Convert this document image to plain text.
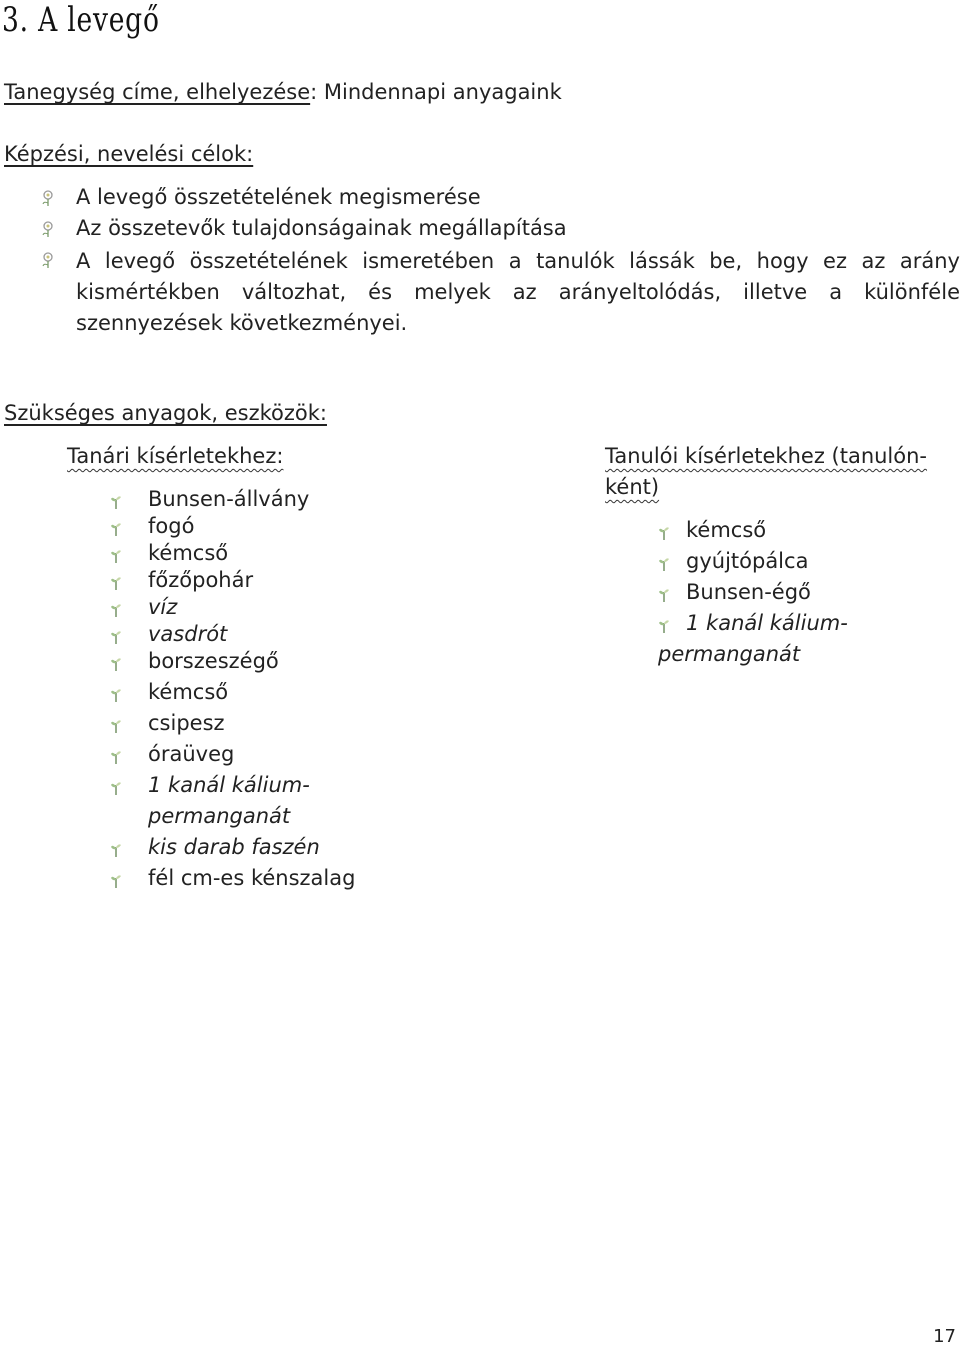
3. A levegő
Tanegység címe, elhelyezése: Mindennapi anyagaink
Képzési, nevelési célok:
A levegő összetételének megismerése
Az összetevők tulajdonságainak megállapítása
A levegő összetételének ismeretében a tanulók lássák be, hogy ez az arány kismértékben változhat, és melyek az arányeltolódás, illetve a különféle szennyezések következményei.
Szükséges anyagok, eszközök:
Tanári kísérletekhez:
Bunsen-állvány
fogó
kémcső
főzőpohár
víz
vasdrót
borszeszégő
kémcső
csipesz
óraüveg
1 kanál kálium-
permanganát
kis darab faszén
fél cm-es kénszalag
Tanulói kísérletekhez (tanulón-
ként)
kémcső
gyújtópálca
Bunsen-égő
1 kanál kálium-
permanganát
17
